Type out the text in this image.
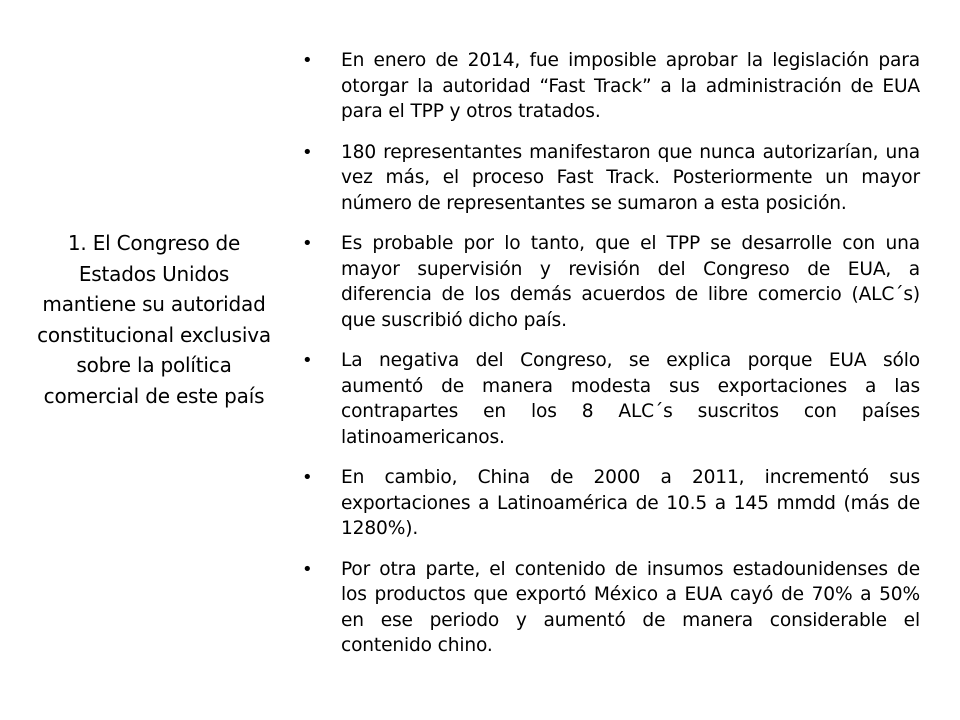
1. El Congreso de Estados Unidos mantiene su autoridad constitucional exclusiva sobre la política comercial de este país
• En enero de 2014, fue imposible aprobar la legislación para otorgar la autoridad “Fast Track” a la administración de EUA para el TPP y otros tratados.
• 180 representantes manifestaron que nunca autorizarían, una vez más, el proceso Fast Track. Posteriormente un mayor número de representantes se sumaron a esta posición.
• Es probable por lo tanto, que el TPP se desarrolle con una mayor supervisión y revisión del Congreso de EUA, a diferencia de los demás acuerdos de libre comercio (ALC´s) que suscribió dicho país.
• La negativa del Congreso, se explica porque EUA sólo aumentó de manera modesta sus exportaciones a las contrapartes en los 8 ALC´s suscritos con países latinoamericanos.
• En cambio, China de 2000 a 2011, incrementó sus exportaciones a Latinoamérica de 10.5 a 145 mmdd (más de 1280%).
• Por otra parte, el contenido de insumos estadounidenses de los productos que exportó México a EUA cayó de 70% a 50% en ese periodo y aumentó de manera considerable el contenido chino.
